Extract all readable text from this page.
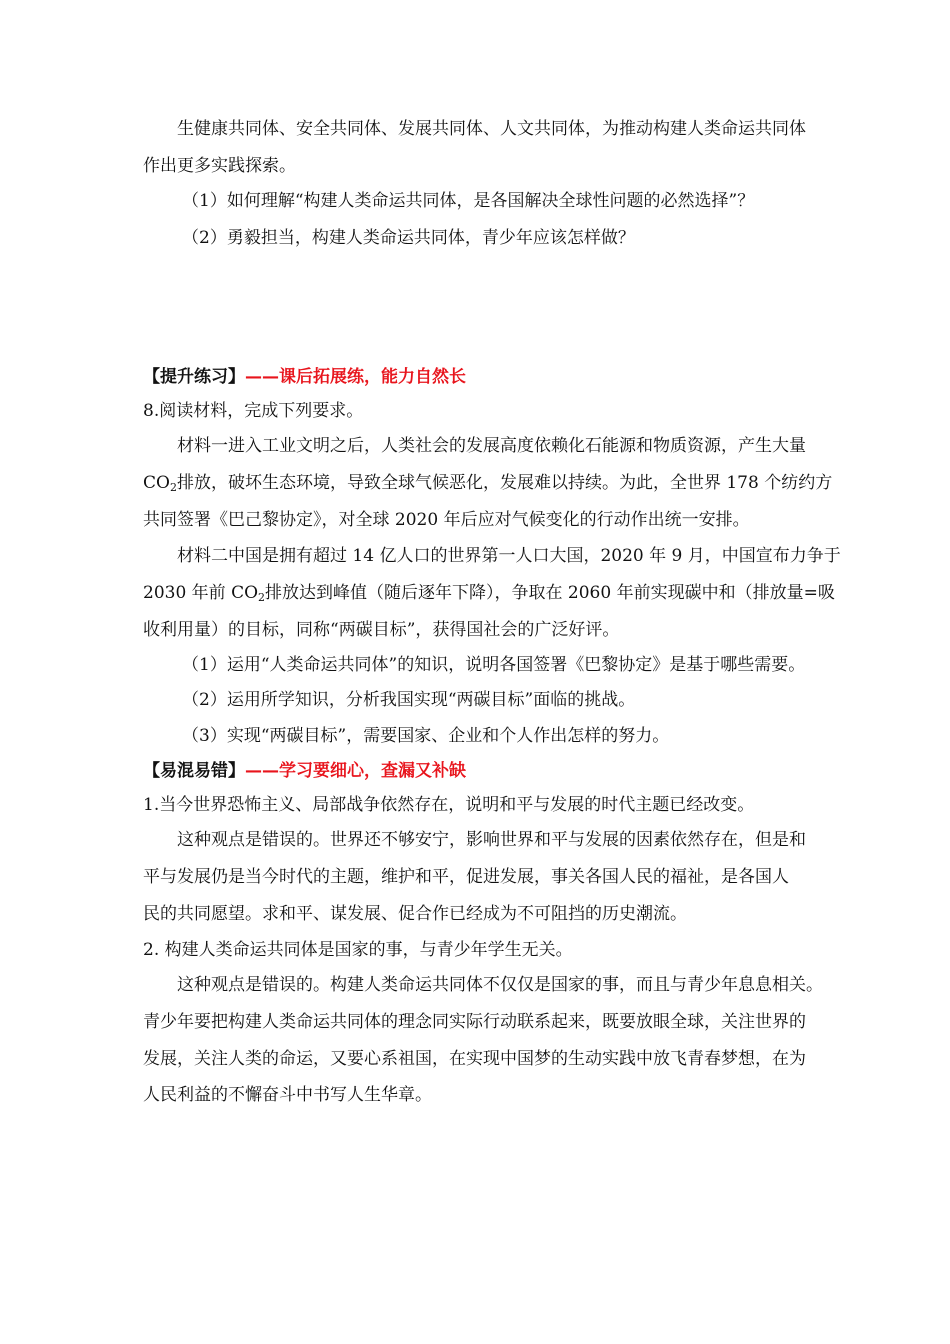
生健康共同体、安全共同体、发展共同体、人文共同体，为推动构建人类命运共同体
作出更多实践探索。
（1）如何理解“构建人类命运共同体，是各国解决全球性问题的必然选择”？
（2）勇毅担当，构建人类命运共同体，青少年应该怎样做？
【提升练习】——课后拓展练，能力自然长
8.阅读材料，完成下列要求。
材料一进入工业文明之后，人类社会的发展高度依赖化石能源和物质资源，产生大量
$CO_2$排放，破坏生态环境，导致全球气候恶化，发展难以持续。为此，全世界 178 个纺约方
共同签署《巴己黎协定》，对全球 2020 年后应对气候变化的行动作出统一安排。
材料二中国是拥有超过 14 亿人口的世界第一人口大国，2020 年 9 月，中国宣布力争于
2030 年前 $CO_2$排放达到峰值（随后逐年下降），争取在 2060 年前实现碳中和（排放量=吸
收利用量）的目标，同称“两碳目标”，获得国社会的广泛好评。
（1）运用“人类命运共同体”的知识，说明各国签署《巴黎协定》是基于哪些需要。
（2）运用所学知识，分析我国实现“两碳目标”面临的挑战。
（3）实现“两碳目标”，需要国家、企业和个人作出怎样的努力。
【易混易错】——学习要细心，查漏又补缺
1.当今世界恐怖主义、局部战争依然存在，说明和平与发展的时代主题已经改变。
这种观点是错误的。世界还不够安宁，影响世界和平与发展的因素依然存在，但是和
平与发展仍是当今时代的主题，维护和平，促进发展，事关各国人民的福祉，是各国人
民的共同愿望。求和平、谋发展、促合作已经成为不可阻挡的历史潮流。
2. 构建人类命运共同体是国家的事，与青少年学生无关。
这种观点是错误的。构建人类命运共同体不仅仅是国家的事，而且与青少年息息相关。
青少年要把构建人类命运共同体的理念同实际行动联系起来，既要放眼全球，关注世界的
发展，关注人类的命运，又要心系祖国，在实现中国梦的生动实践中放飞青春梦想，在为
人民利益的不懈奋斗中书写人生华章。
